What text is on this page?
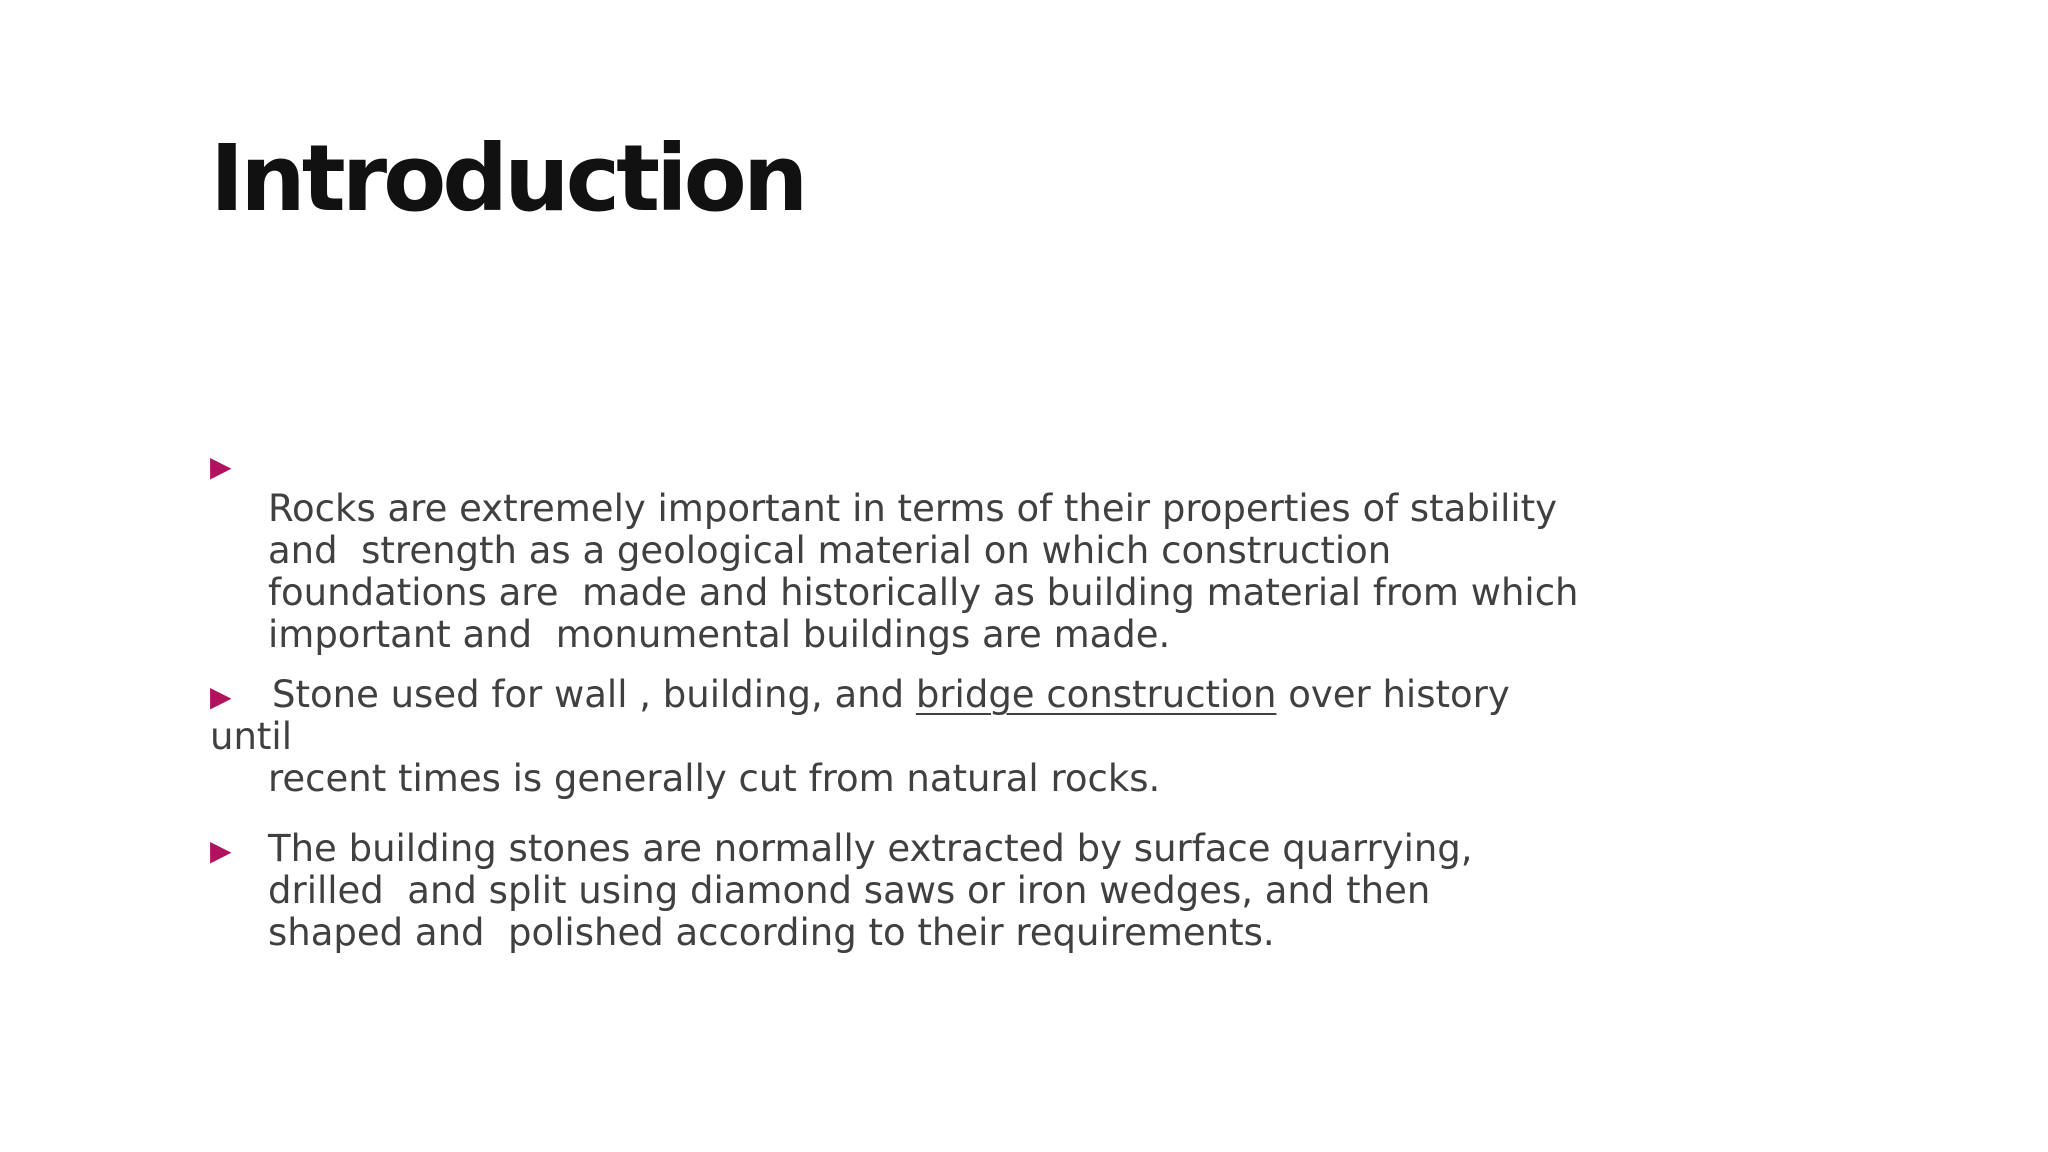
Introduction
▶
Rocks are extremely important in terms of their properties of stability
and  strength as a geological material on which construction
foundations are  made and historically as building material from which
important and  monumental buildings are made.
▶	Stone used for wall , building, and bridge construction over history
until
recent times is generally cut from natural rocks.
▶ The building stones are normally extracted by surface quarrying,
drilled  and split using diamond saws or iron wedges, and then
shaped and  polished according to their requirements.
